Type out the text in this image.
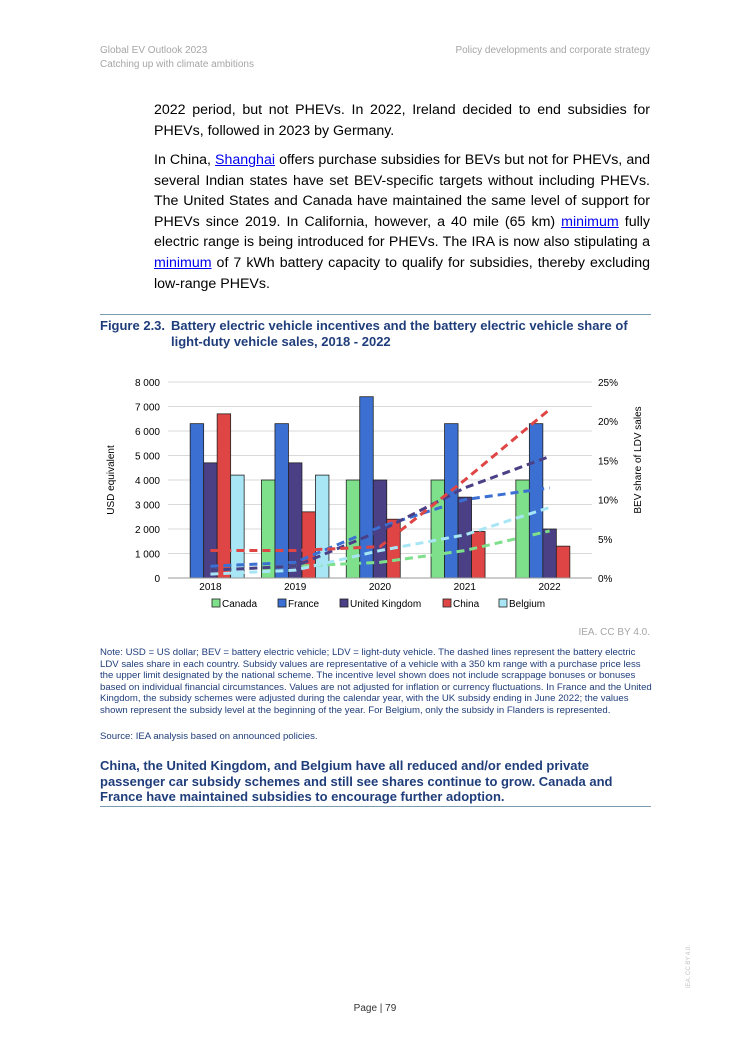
Global EV Outlook 2023
Catching up with climate ambitions
Policy developments and corporate strategy
2022 period, but not PHEVs. In 2022, Ireland decided to end subsidies for PHEVs, followed in 2023 by Germany.
In China, Shanghai offers purchase subsidies for BEVs but not for PHEVs, and several Indian states have set BEV-specific targets without including PHEVs. The United States and Canada have maintained the same level of support for PHEVs since 2019. In California, however, a 40 mile (65 km) minimum fully electric range is being introduced for PHEVs. The IRA is now also stipulating a minimum of 7 kWh battery capacity to qualify for subsidies, thereby excluding low-range PHEVs.
Figure 2.3. Battery electric vehicle incentives and the battery electric vehicle share of light-duty vehicle sales, 2018 - 2022
0
1 000
2 000
3 000
4 000
5 000
6 000
7 000
8 000
0%
5%
10%
15%
20%
25%
USD equivalent	BEV share of LDV sales
2018	2019	2020	2021	2022
Canada	France	United Kingdom	China	Belgium
IEA. CC BY 4.0.
Note: USD = US dollar; BEV = battery electric vehicle; LDV = light-duty vehicle. The dashed lines represent the battery electric LDV sales share in each country. Subsidy values are representative of a vehicle with a 350 km range with a purchase price less the upper limit designated by the national scheme. The incentive level shown does not include scrappage bonuses or bonuses based on individual financial circumstances. Values are not adjusted for inflation or currency fluctuations. In France and the United Kingdom, the subsidy schemes were adjusted during the calendar year, with the UK subsidy ending in June 2022; the values shown represent the subsidy level at the beginning of the year. For Belgium, only the subsidy in Flanders is represented.
Source: IEA analysis based on announced policies.
China, the United Kingdom, and Belgium have all reduced and/or ended private passenger car subsidy schemes and still see shares continue to grow. Canada and France have maintained subsidies to encourage further adoption.
Page | 79
IEA. CC BY 4.0.
